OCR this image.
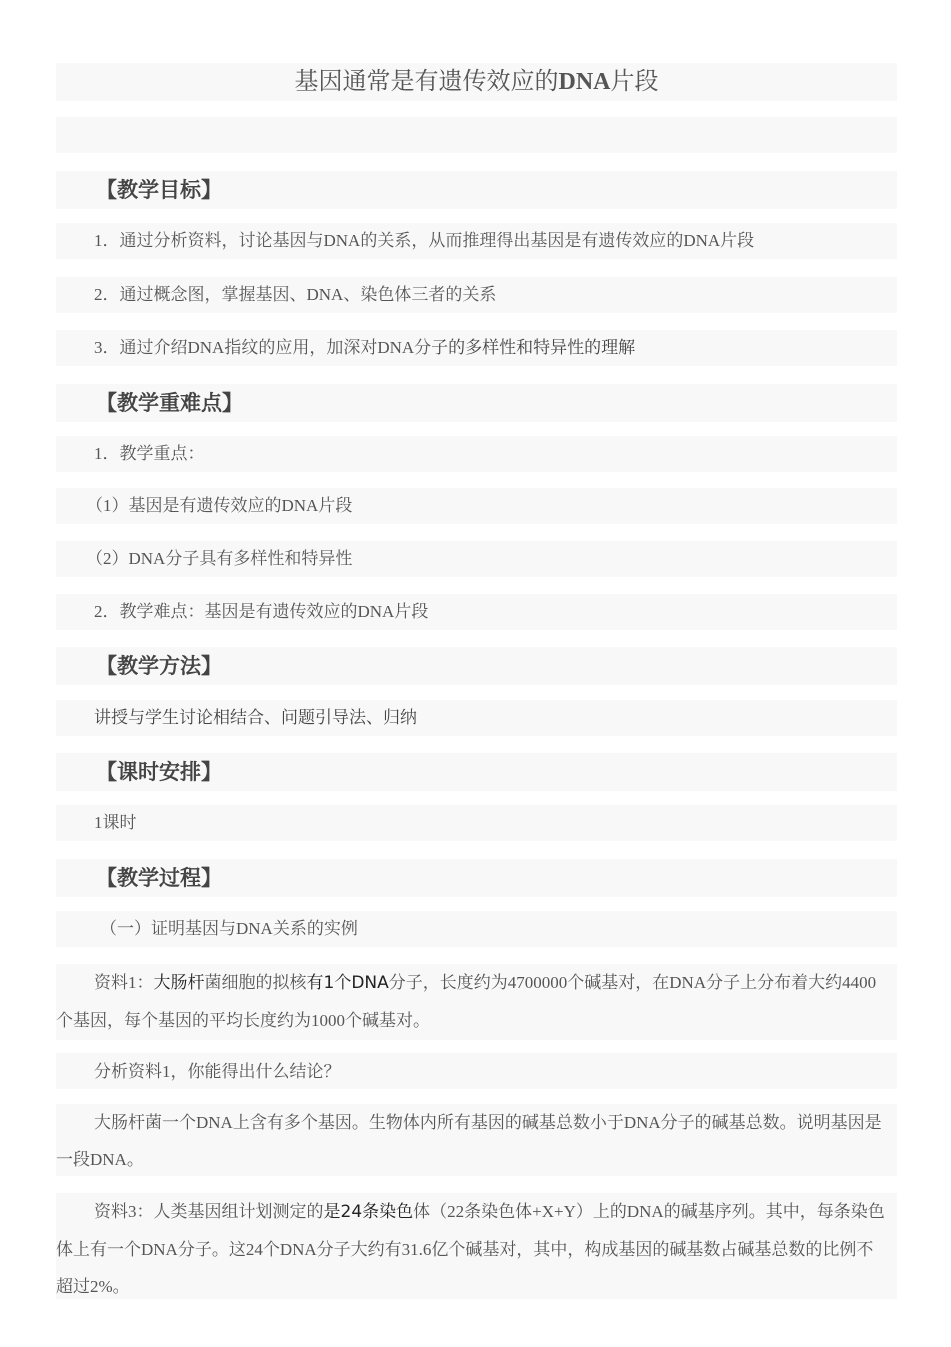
基因通常是有遗传效应的DNA片段
【教学目标】
1．通过分析资料，讨论基因与DNA的关系，从而推理得出基因是有遗传效应的DNA片段
2．通过概念图，掌握基因、DNA、染色体三者的关系
3．通过介绍DNA指纹的应用，加深对DNA分子的多样性和特异性的理解
【教学重难点】
1．教学重点：
（1）基因是有遗传效应的DNA片段
（2）DNA分子具有多样性和特异性
2．教学难点：基因是有遗传效应的DNA片段
【教学方法】
讲授与学生讨论相结合、问题引导法、归纳
【课时安排】
1课时
【教学过程】
（一）证明基因与DNA关系的实例
资料1：大肠杆菌细胞的拟核有1个DNA分子，长度约为4700000个碱基对，在DNA分子上分布着大约4400个基因，每个基因的平均长度约为1000个碱基对。
分析资料1，你能得出什么结论？
大肠杆菌一个DNA上含有多个基因。生物体内所有基因的碱基总数小于DNA分子的碱基总数。说明基因是一段DNA。
资料3：人类基因组计划测定的是24条染色体（22条染色体+X+Y）上的DNA的碱基序列。其中，每条染色体上有一个DNA分子。这24个DNA分子大约有31.6亿个碱基对，其中，构成基因的碱基数占碱基总数的比例不超过2%。
